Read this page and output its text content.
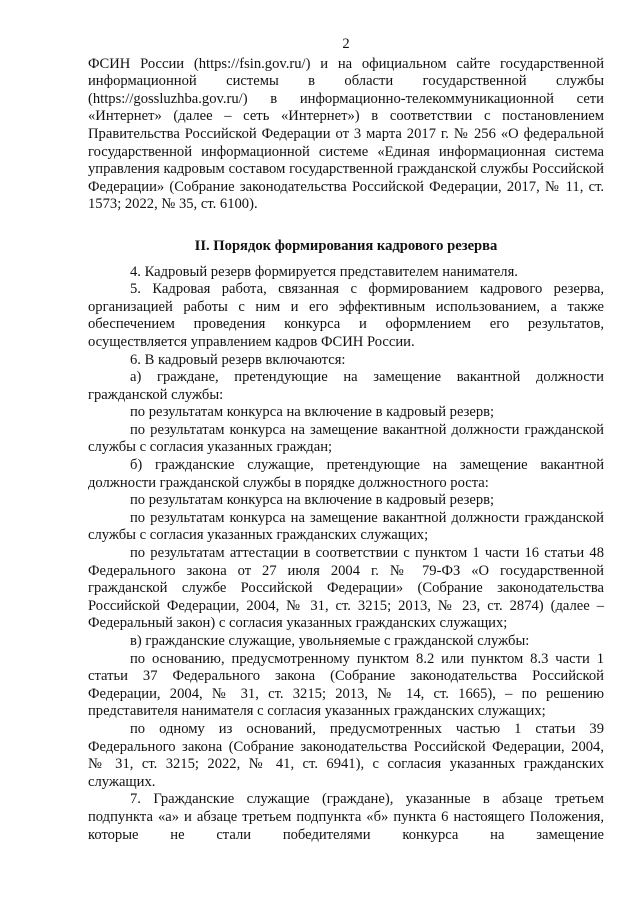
2

ФСИН России (https://fsin.gov.ru/) и на официальном сайте государственной информационной системы в области государственной службы (https://gossluzhba.gov.ru/) в информационно-телекоммуникационной сети «Интернет» (далее – сеть «Интернет») в соответствии с постановлением Правительства Российской Федерации от 3 марта 2017 г. № 256 «О федеральной государственной информационной системе «Единая информационная система управления кадровым составом государственной гражданской службы Российской Федерации» (Собрание законодательства Российской Федерации, 2017, № 11, ст. 1573; 2022, № 35, ст. 6100).

II. Порядок формирования кадрового резерва

4. Кадровый резерв формируется представителем нанимателя.

5. Кадровая работа, связанная с формированием кадрового резерва, организацией работы с ним и его эффективным использованием, а также обеспечением проведения конкурса и оформлением его результатов, осуществляется управлением кадров ФСИН России.

6. В кадровый резерв включаются:

а) граждане, претендующие на замещение вакантной должности гражданской службы:

по результатам конкурса на включение в кадровый резерв;

по результатам конкурса на замещение вакантной должности гражданской службы с согласия указанных граждан;

б) гражданские служащие, претендующие на замещение вакантной должности гражданской службы в порядке должностного роста:

по результатам конкурса на включение в кадровый резерв;

по результатам конкурса на замещение вакантной должности гражданской службы с согласия указанных гражданских служащих;

по результатам аттестации в соответствии с пунктом 1 части 16 статьи 48 Федерального закона от 27 июля 2004 г. № 79-ФЗ «О государственной гражданской службе Российской Федерации» (Собрание законодательства Российской Федерации, 2004, № 31, ст. 3215; 2013, № 23, ст. 2874) (далее – Федеральный закон) с согласия указанных гражданских служащих;

в) гражданские служащие, увольняемые с гражданской службы:

по основанию, предусмотренному пунктом 8.2 или пунктом 8.3 части 1 статьи 37 Федерального закона (Собрание законодательства Российской Федерации, 2004, № 31, ст. 3215; 2013, № 14, ст. 1665), – по решению представителя нанимателя с согласия указанных гражданских служащих;

по одному из оснований, предусмотренных частью 1 статьи 39 Федерального закона (Собрание законодательства Российской Федерации, 2004, № 31, ст. 3215; 2022, № 41, ст. 6941), с согласия указанных гражданских служащих.

7. Гражданские служащие (граждане), указанные в абзаце третьем подпункта «а» и абзаце третьем подпункта «б» пункта 6 настоящего Положения, которые не стали победителями конкурса на замещение
